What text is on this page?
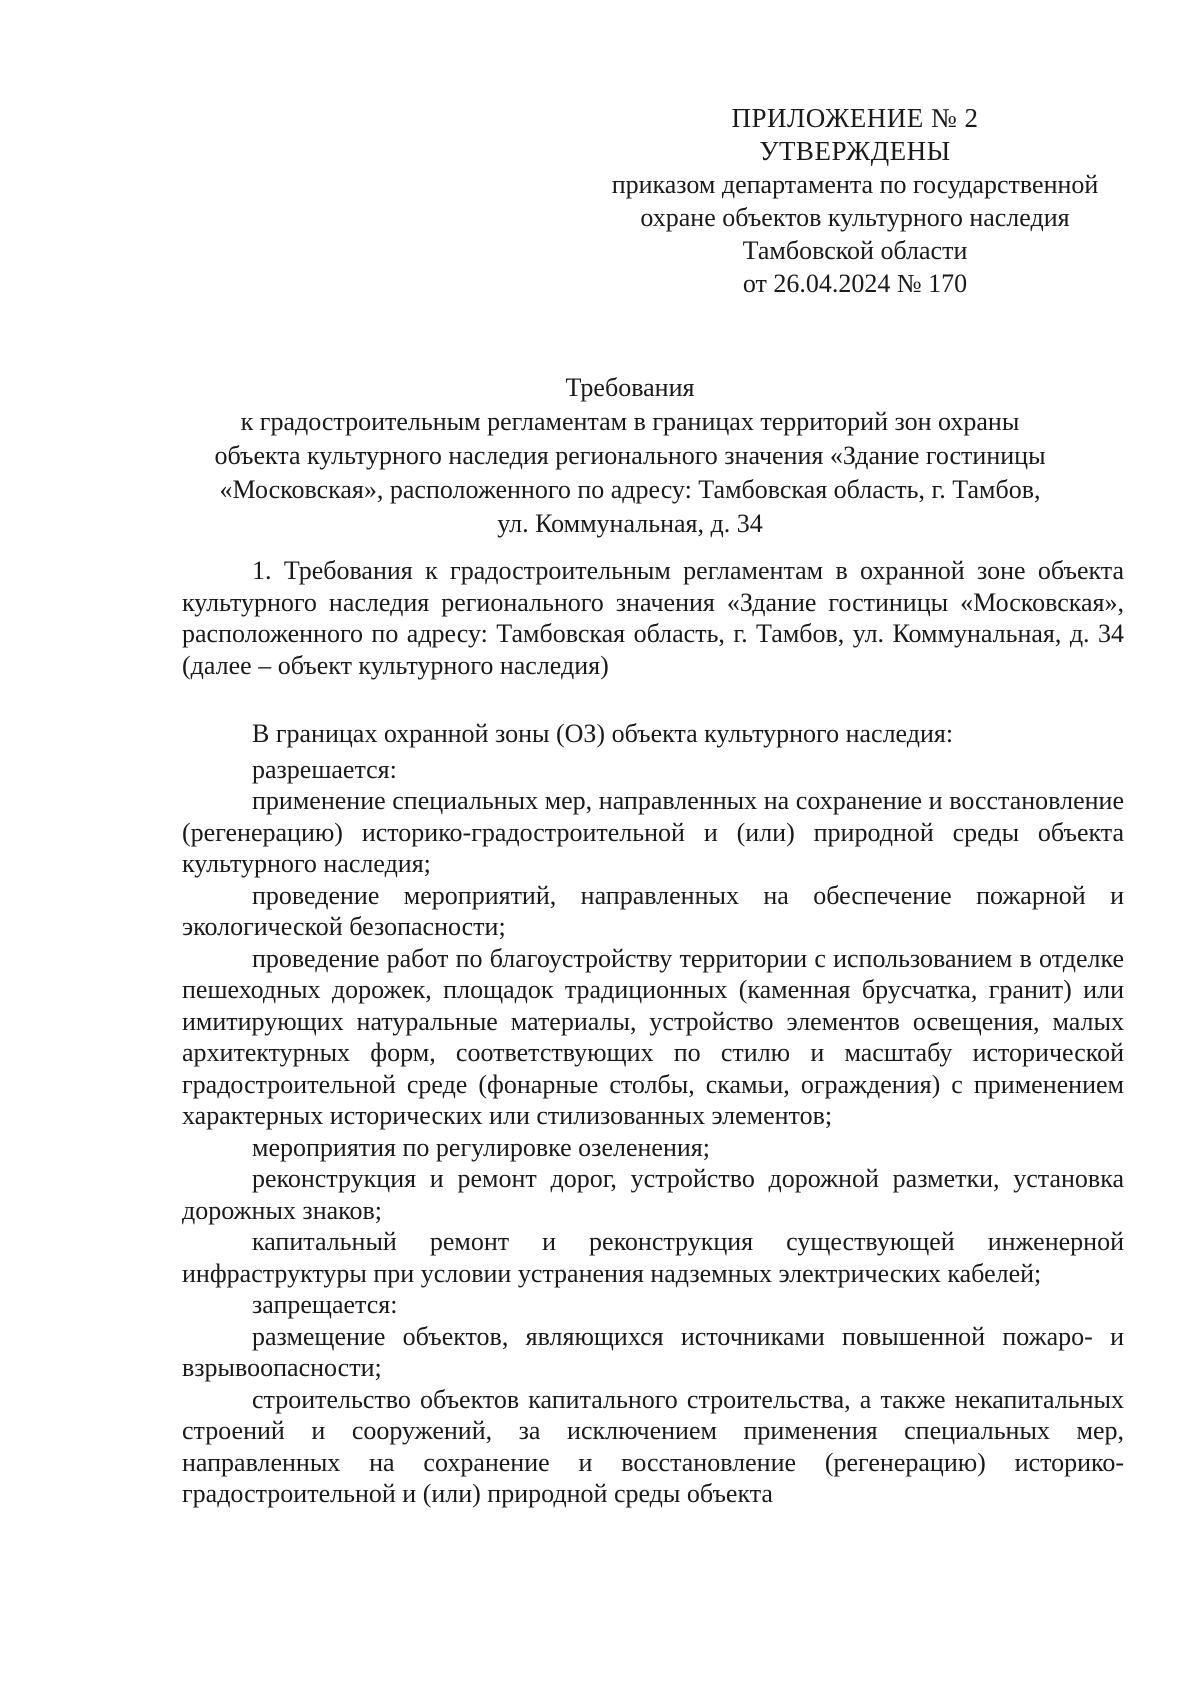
ПРИЛОЖЕНИЕ № 2
УТВЕРЖДЕНЫ
приказом департамента по государственной
охране объектов культурного наследия
Тамбовской области
от 26.04.2024 № 170
Требования
к градостроительным регламентам в границах территорий зон охраны
объекта культурного наследия регионального значения «Здание гостиницы
«Московская», расположенного по адресу: Тамбовская область, г. Тамбов,
ул. Коммунальная, д. 34
1. Требования к градостроительным регламентам в охранной зоне объекта культурного наследия регионального значения «Здание гостиницы «Московская», расположенного по адресу: Тамбовская область, г. Тамбов, ул. Коммунальная, д. 34 (далее – объект культурного наследия)

В границах охранной зоны (ОЗ) объекта культурного наследия:

разрешается:

применение специальных мер, направленных на сохранение и восстановление (регенерацию) историко-градостроительной и (или) природной среды объекта культурного наследия;

проведение мероприятий, направленных на обеспечение пожарной и экологической безопасности;

проведение работ по благоустройству территории с использованием в отделке пешеходных дорожек, площадок традиционных (каменная брусчатка, гранит) или имитирующих натуральные материалы, устройство элементов освещения, малых архитектурных форм, соответствующих по стилю и масштабу исторической градостроительной среде (фонарные столбы, скамьи, ограждения) с применением характерных исторических или стилизованных элементов;

мероприятия по регулировке озеленения;

реконструкция и ремонт дорог, устройство дорожной разметки, установка дорожных знаков;

капитальный ремонт и реконструкция существующей инженерной инфраструктуры при условии устранения надземных электрических кабелей;

запрещается:

размещение объектов, являющихся источниками повышенной пожаро- и взрывоопасности;

строительство объектов капитального строительства, а также некапитальных строений и сооружений, за исключением применения специальных мер, направленных на сохранение и восстановление (регенерацию) историко-градостроительной и (или) природной среды объекта
